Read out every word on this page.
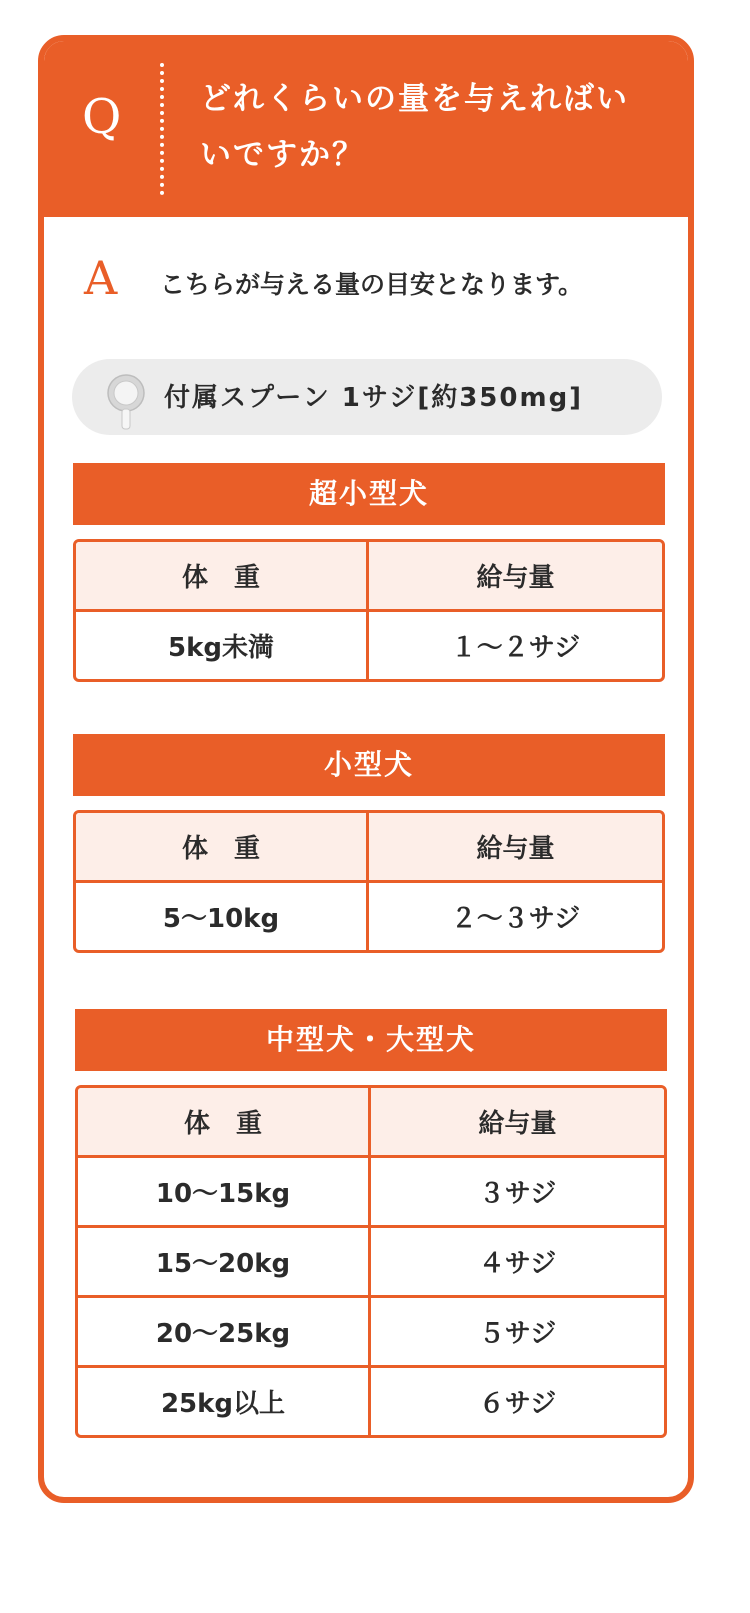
Q	どれくらいの量を与えればい
いですか？
A こちらが与える量の目安となります。
付属スプーン 1サジ[約350mg]
超小型犬
体　重	給与量
5kg未満	１～２サジ
小型犬
体　重	給与量
5～10kg	２～３サジ
中型犬・大型犬
体　重	給与量
10～15kg	３サジ
15～20kg	４サジ
20～25kg	５サジ
25kg以上	６サジ
